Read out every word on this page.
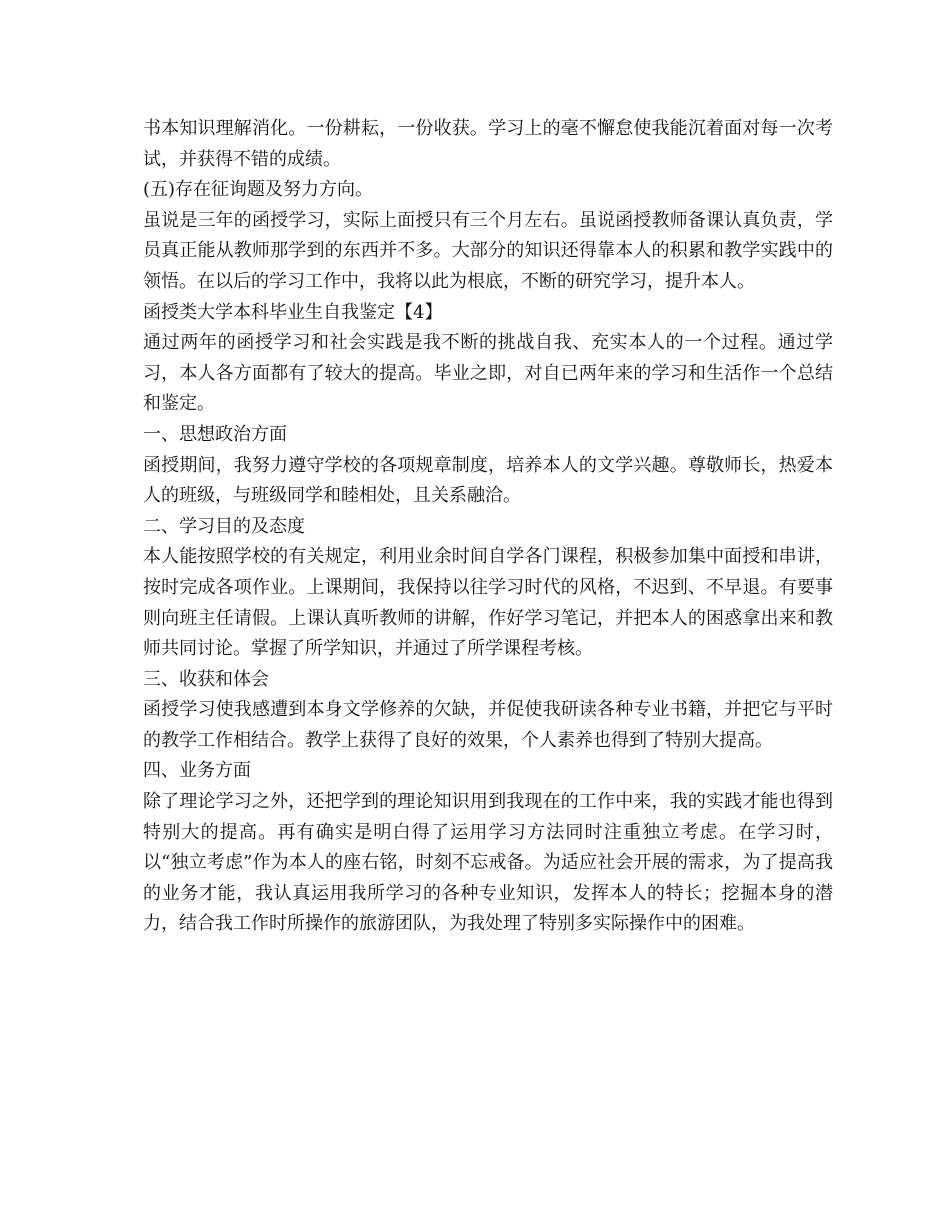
书本知识理解消化。一份耕耘，一份收获。学习上的毫不懈怠使我能沉着面对每一次考试，并获得不错的成绩。

(五)存在征询题及努力方向。

虽说是三年的函授学习，实际上面授只有三个月左右。虽说函授教师备课认真负责，学员真正能从教师那学到的东西并不多。大部分的知识还得靠本人的积累和教学实践中的领悟。在以后的学习工作中，我将以此为根底，不断的研究学习，提升本人。

函授类大学本科毕业生自我鉴定【4】

通过两年的函授学习和社会实践是我不断的挑战自我、充实本人的一个过程。通过学习，本人各方面都有了较大的提高。毕业之即，对自已两年来的学习和生活作一个总结和鉴定。

一、思想政治方面

函授期间，我努力遵守学校的各项规章制度，培养本人的文学兴趣。尊敬师长，热爱本人的班级，与班级同学和睦相处，且关系融洽。

二、学习目的及态度

本人能按照学校的有关规定，利用业余时间自学各门课程，积极参加集中面授和串讲，按时完成各项作业。上课期间，我保持以往学习时代的风格，不迟到、不早退。有要事则向班主任请假。上课认真听教师的讲解，作好学习笔记，并把本人的困惑拿出来和教师共同讨论。掌握了所学知识，并通过了所学课程考核。

三、收获和体会

函授学习使我感遭到本身文学修养的欠缺，并促使我研读各种专业书籍，并把它与平时的教学工作相结合。教学上获得了良好的效果，个人素养也得到了特别大提高。

四、业务方面

除了理论学习之外，还把学到的理论知识用到我现在的工作中来，我的实践才能也得到特别大的提高。再有确实是明白得了运用学习方法同时注重独立考虑。在学习时，以“独立考虑”作为本人的座右铭，时刻不忘戒备。为适应社会开展的需求，为了提高我的业务才能，我认真运用我所学习的各种专业知识，发挥本人的特长；挖掘本身的潜力，结合我工作时所操作的旅游团队，为我处理了特别多实际操作中的困难。
